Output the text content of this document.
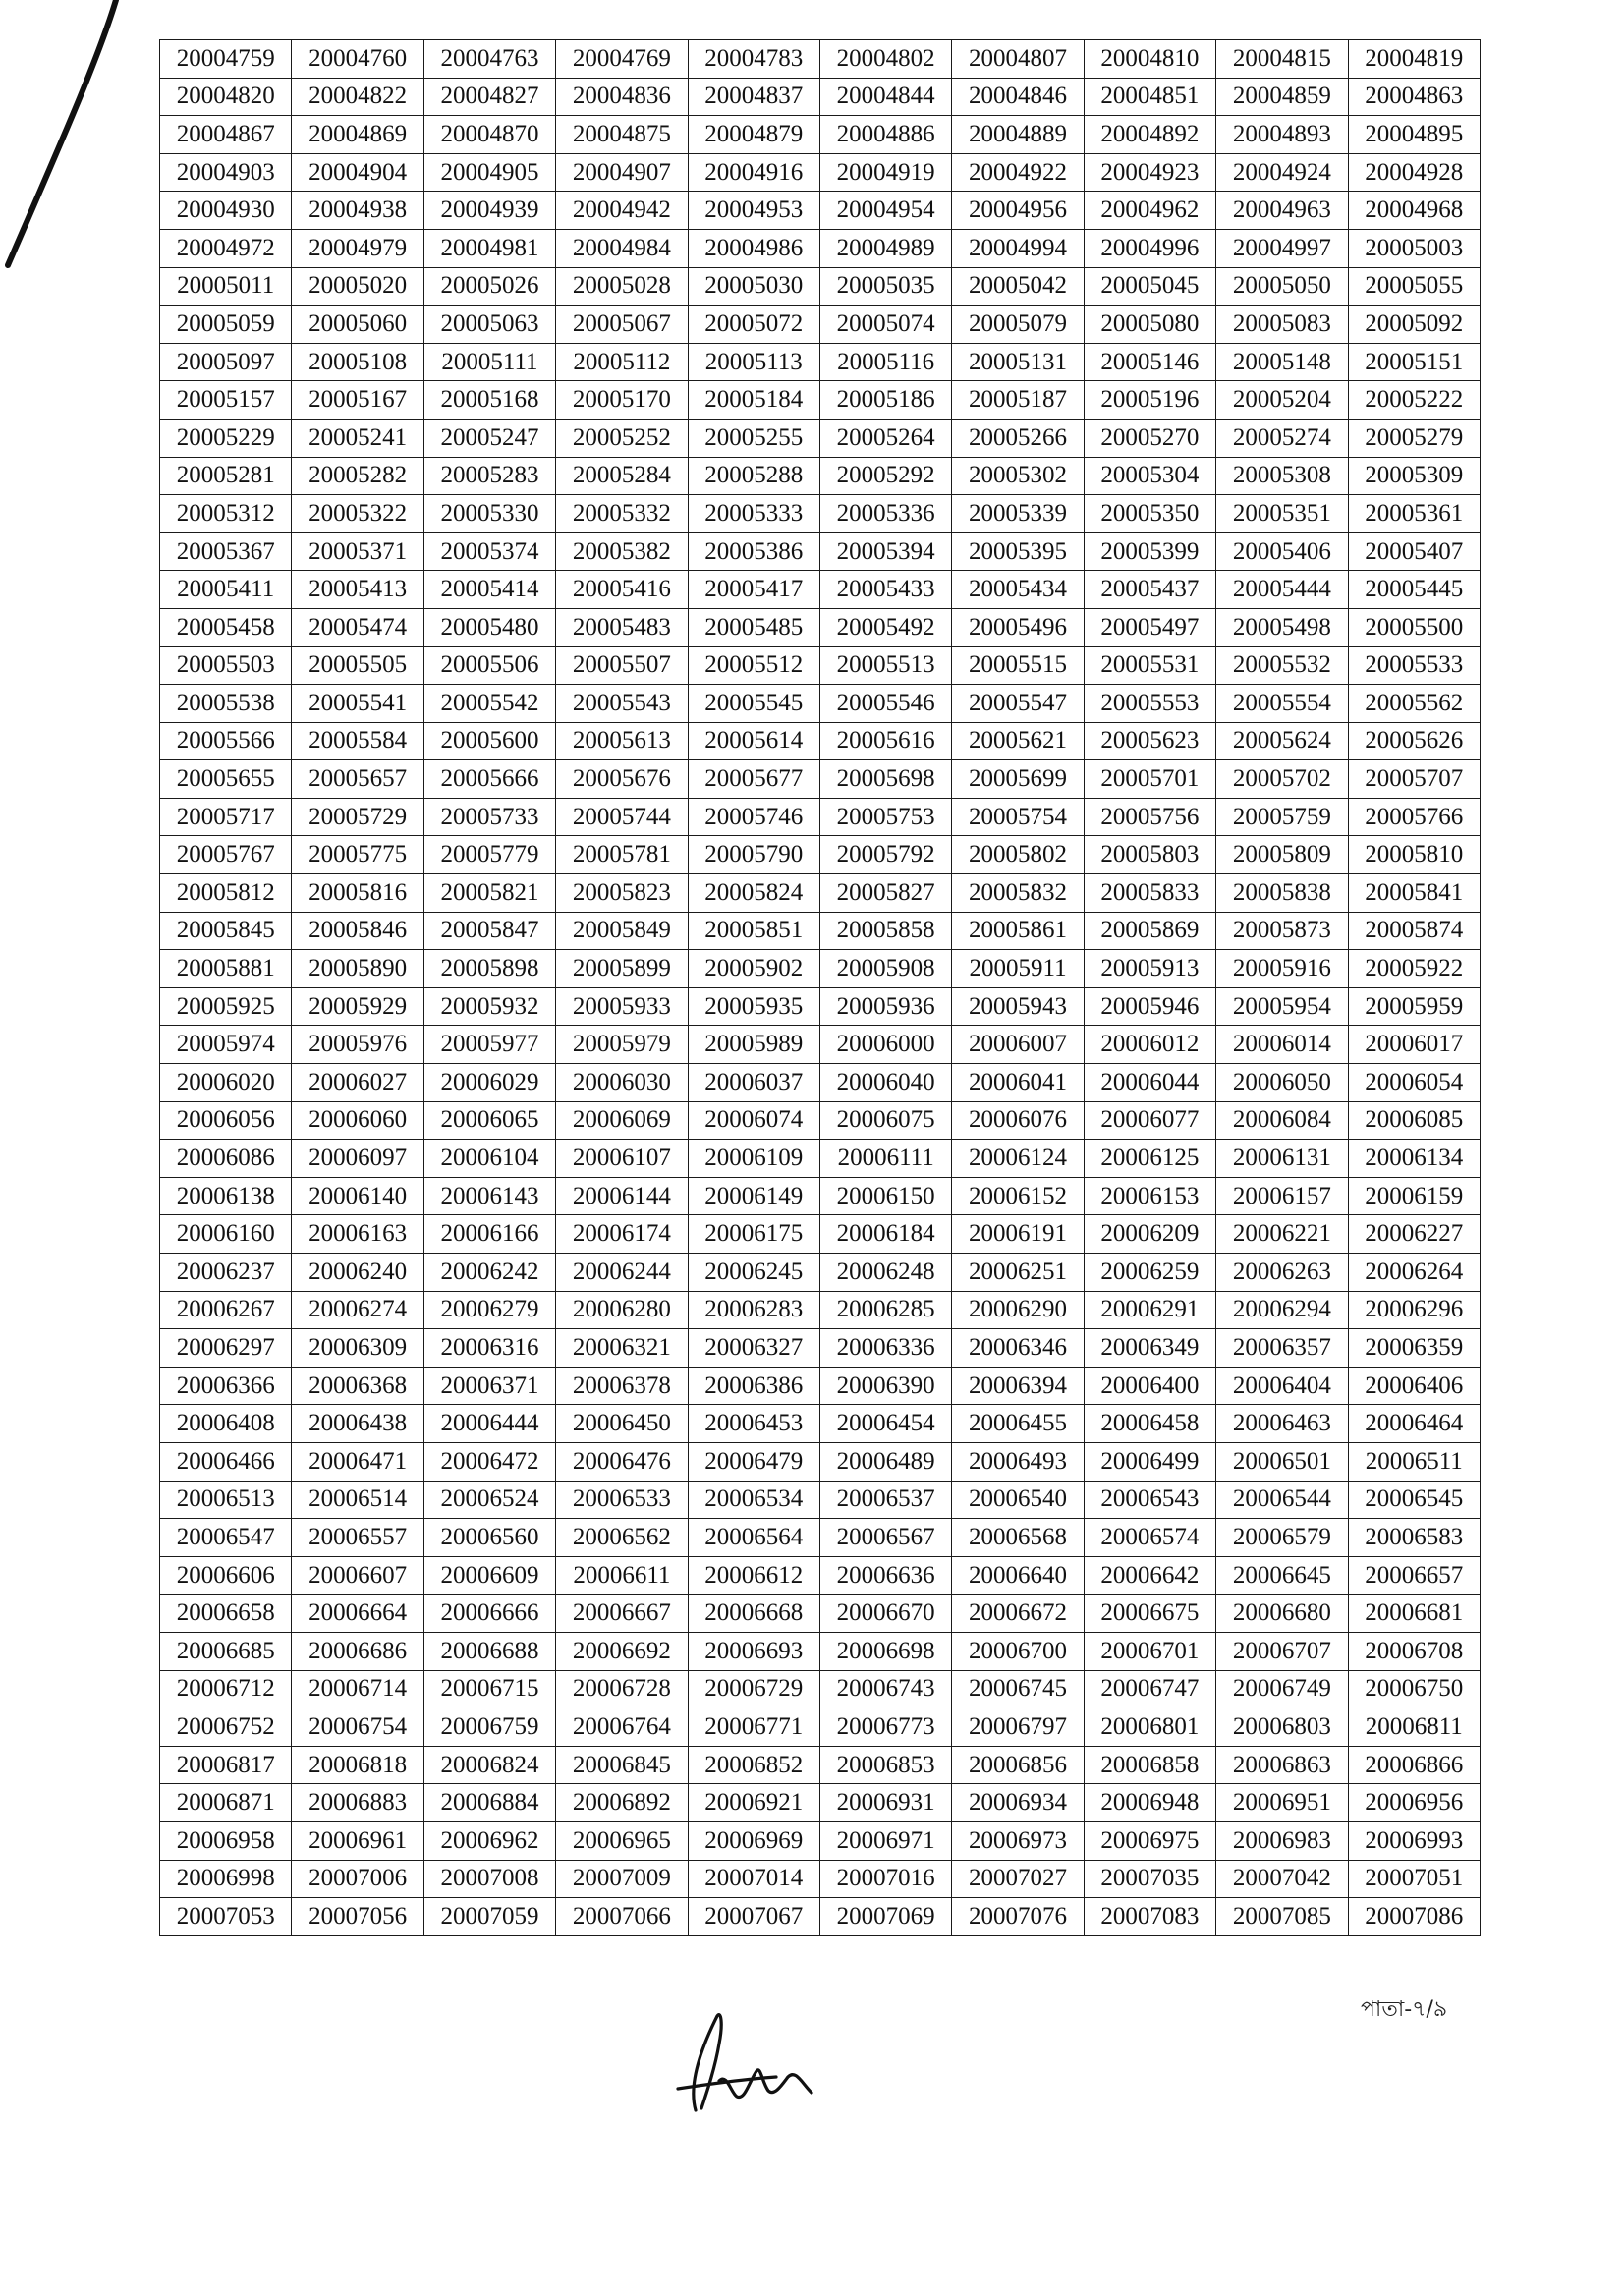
20004759	20004760	20004763	20004769	20004783	20004802	20004807	20004810	20004815	20004819
20004820	20004822	20004827	20004836	20004837	20004844	20004846	20004851	20004859	20004863
20004867	20004869	20004870	20004875	20004879	20004886	20004889	20004892	20004893	20004895
20004903	20004904	20004905	20004907	20004916	20004919	20004922	20004923	20004924	20004928
20004930	20004938	20004939	20004942	20004953	20004954	20004956	20004962	20004963	20004968
20004972	20004979	20004981	20004984	20004986	20004989	20004994	20004996	20004997	20005003
20005011	20005020	20005026	20005028	20005030	20005035	20005042	20005045	20005050	20005055
20005059	20005060	20005063	20005067	20005072	20005074	20005079	20005080	20005083	20005092
20005097	20005108	20005111	20005112	20005113	20005116	20005131	20005146	20005148	20005151
20005157	20005167	20005168	20005170	20005184	20005186	20005187	20005196	20005204	20005222
20005229	20005241	20005247	20005252	20005255	20005264	20005266	20005270	20005274	20005279
20005281	20005282	20005283	20005284	20005288	20005292	20005302	20005304	20005308	20005309
20005312	20005322	20005330	20005332	20005333	20005336	20005339	20005350	20005351	20005361
20005367	20005371	20005374	20005382	20005386	20005394	20005395	20005399	20005406	20005407
20005411	20005413	20005414	20005416	20005417	20005433	20005434	20005437	20005444	20005445
20005458	20005474	20005480	20005483	20005485	20005492	20005496	20005497	20005498	20005500
20005503	20005505	20005506	20005507	20005512	20005513	20005515	20005531	20005532	20005533
20005538	20005541	20005542	20005543	20005545	20005546	20005547	20005553	20005554	20005562
20005566	20005584	20005600	20005613	20005614	20005616	20005621	20005623	20005624	20005626
20005655	20005657	20005666	20005676	20005677	20005698	20005699	20005701	20005702	20005707
20005717	20005729	20005733	20005744	20005746	20005753	20005754	20005756	20005759	20005766
20005767	20005775	20005779	20005781	20005790	20005792	20005802	20005803	20005809	20005810
20005812	20005816	20005821	20005823	20005824	20005827	20005832	20005833	20005838	20005841
20005845	20005846	20005847	20005849	20005851	20005858	20005861	20005869	20005873	20005874
20005881	20005890	20005898	20005899	20005902	20005908	20005911	20005913	20005916	20005922
20005925	20005929	20005932	20005933	20005935	20005936	20005943	20005946	20005954	20005959
20005974	20005976	20005977	20005979	20005989	20006000	20006007	20006012	20006014	20006017
20006020	20006027	20006029	20006030	20006037	20006040	20006041	20006044	20006050	20006054
20006056	20006060	20006065	20006069	20006074	20006075	20006076	20006077	20006084	20006085
20006086	20006097	20006104	20006107	20006109	20006111	20006124	20006125	20006131	20006134
20006138	20006140	20006143	20006144	20006149	20006150	20006152	20006153	20006157	20006159
20006160	20006163	20006166	20006174	20006175	20006184	20006191	20006209	20006221	20006227
20006237	20006240	20006242	20006244	20006245	20006248	20006251	20006259	20006263	20006264
20006267	20006274	20006279	20006280	20006283	20006285	20006290	20006291	20006294	20006296
20006297	20006309	20006316	20006321	20006327	20006336	20006346	20006349	20006357	20006359
20006366	20006368	20006371	20006378	20006386	20006390	20006394	20006400	20006404	20006406
20006408	20006438	20006444	20006450	20006453	20006454	20006455	20006458	20006463	20006464
20006466	20006471	20006472	20006476	20006479	20006489	20006493	20006499	20006501	20006511
20006513	20006514	20006524	20006533	20006534	20006537	20006540	20006543	20006544	20006545
20006547	20006557	20006560	20006562	20006564	20006567	20006568	20006574	20006579	20006583
20006606	20006607	20006609	20006611	20006612	20006636	20006640	20006642	20006645	20006657
20006658	20006664	20006666	20006667	20006668	20006670	20006672	20006675	20006680	20006681
20006685	20006686	20006688	20006692	20006693	20006698	20006700	20006701	20006707	20006708
20006712	20006714	20006715	20006728	20006729	20006743	20006745	20006747	20006749	20006750
20006752	20006754	20006759	20006764	20006771	20006773	20006797	20006801	20006803	20006811
20006817	20006818	20006824	20006845	20006852	20006853	20006856	20006858	20006863	20006866
20006871	20006883	20006884	20006892	20006921	20006931	20006934	20006948	20006951	20006956
20006958	20006961	20006962	20006965	20006969	20006971	20006973	20006975	20006983	20006993
20006998	20007006	20007008	20007009	20007014	20007016	20007027	20007035	20007042	20007051
20007053	20007056	20007059	20007066	20007067	20007069	20007076	20007083	20007085	20007086
পাতা-৭/৯
